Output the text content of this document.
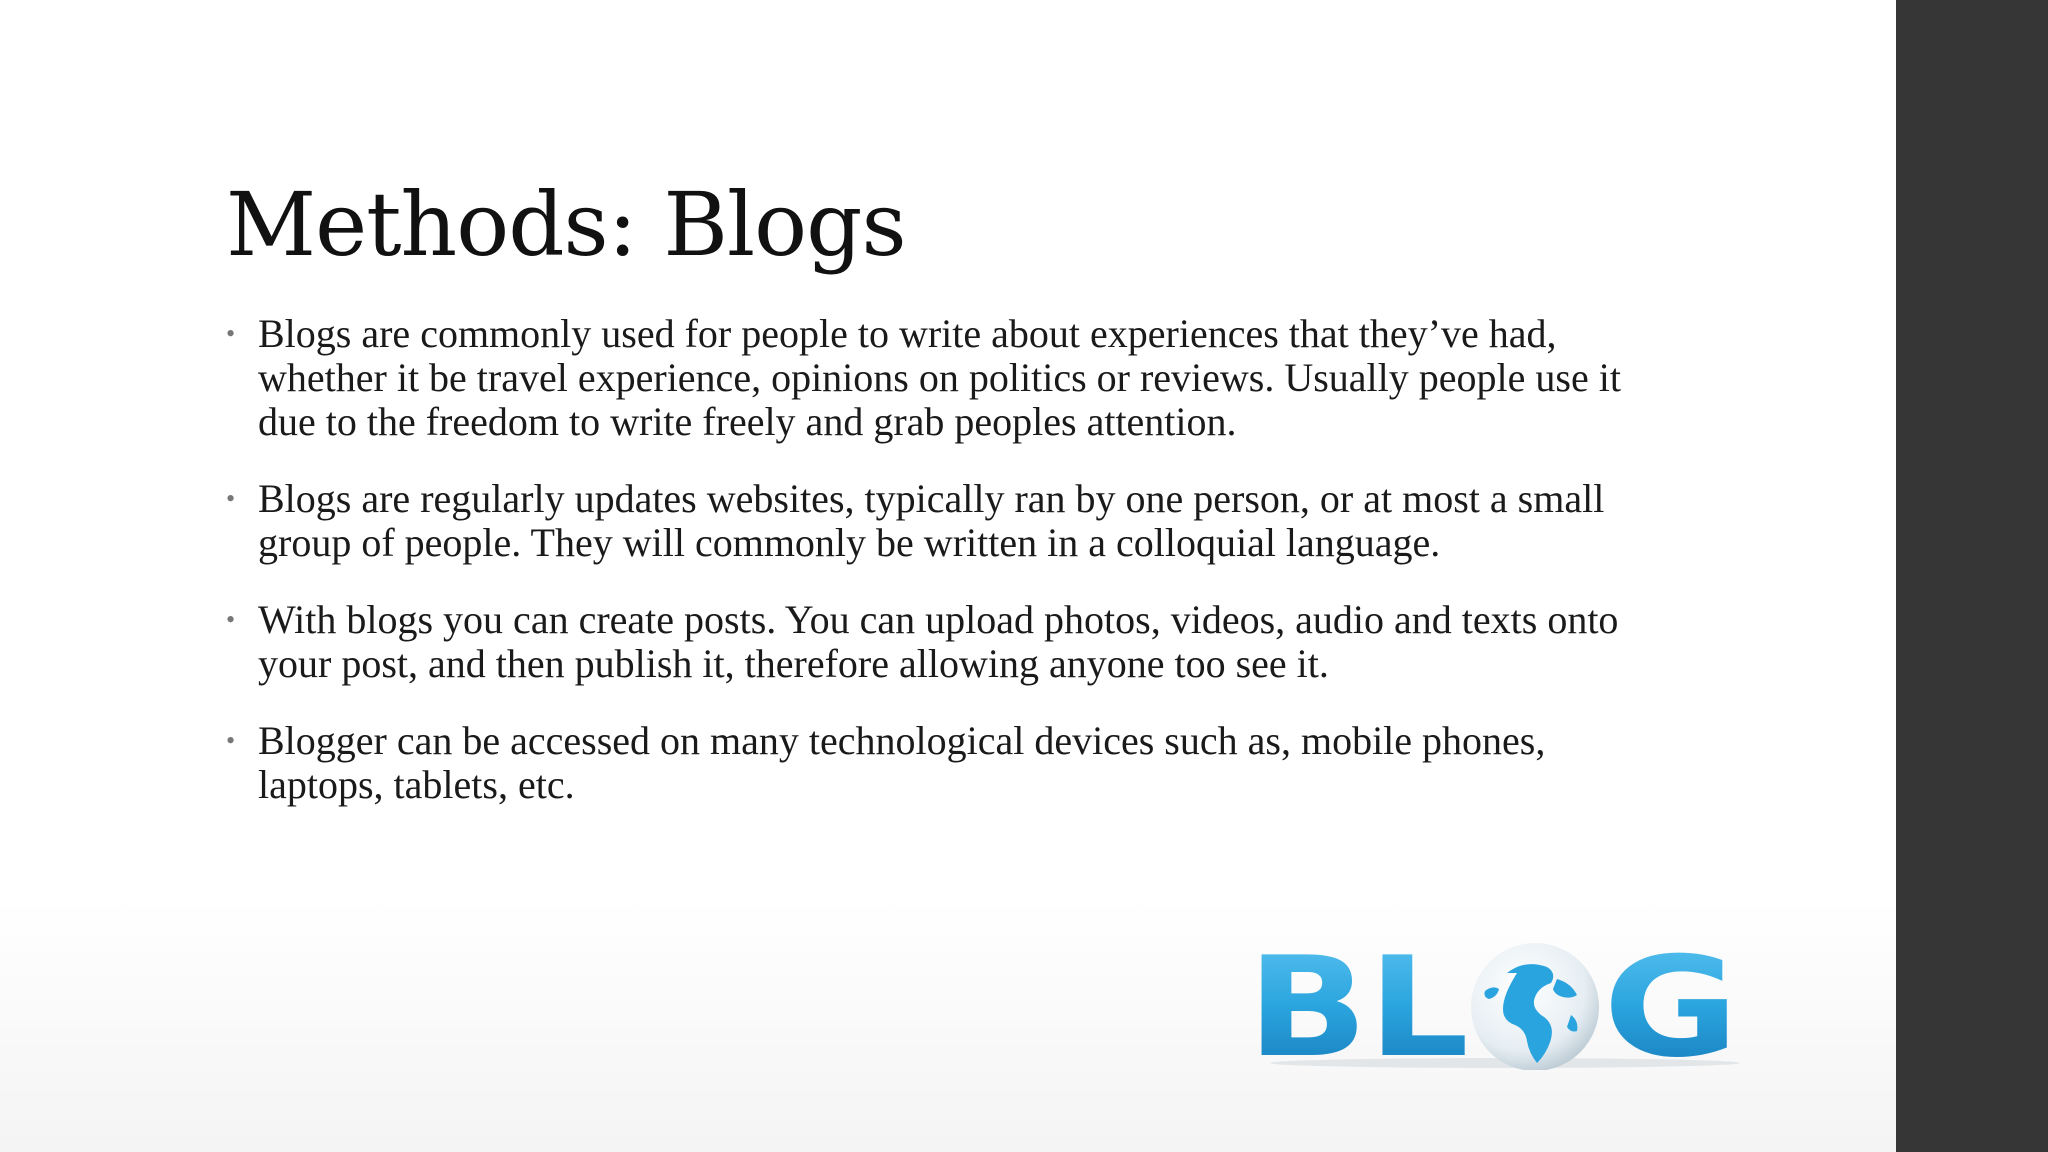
Methods: Blogs
• Blogs are commonly used for people to write about experiences that they’ve had, whether it be travel experience, opinions on politics or reviews. Usually people use it due to the freedom to write freely and grab peoples attention.
• Blogs are regularly updates websites, typically ran by one person, or at most a small group of people. They will commonly be written in a colloquial language.
• With blogs you can create posts. You can upload photos, videos, audio and texts onto your post, and then publish it, therefore allowing anyone too see it.
• Blogger can be accessed on many technological devices such as, mobile phones, laptops, tablets, etc.
BL G
